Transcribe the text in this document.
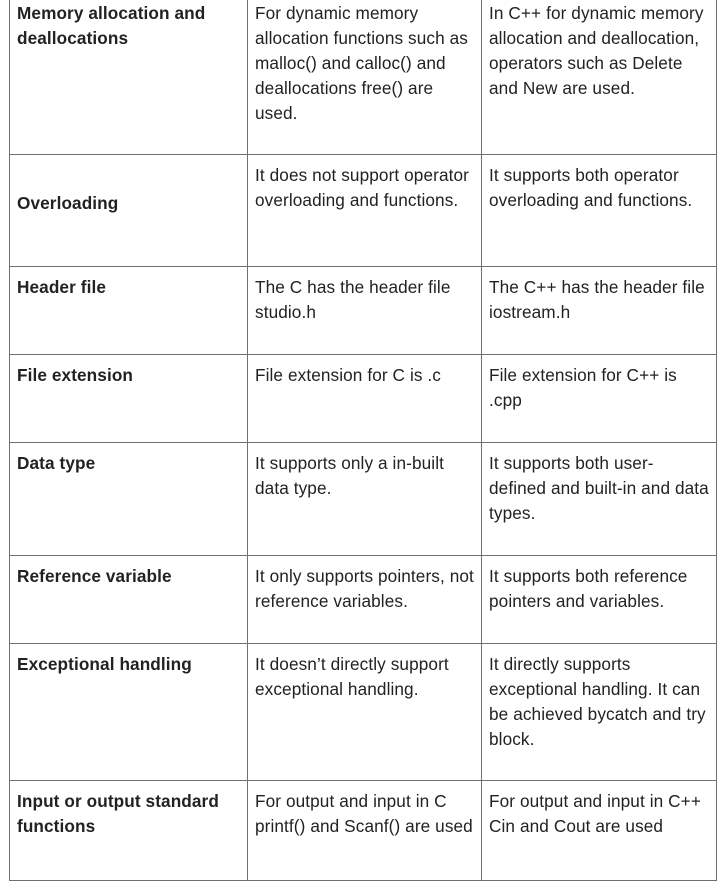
Memory allocation and deallocations	For dynamic memory allocation functions such as malloc() and calloc() and deallocations free() are used.	In C++ for dynamic memory allocation and deallocation, operators such as Delete and New are used.

Overloading	It does not support operator overloading and functions.	It supports both operator overloading and functions.
Header file	The C has the header file studio.h	The C++ has the header file iostream.h
File extension	File extension for C is .c	File extension for C++ is .cpp
Data type	It supports only a in-built data type.	It supports both user-defined and built-in and data types.
Reference variable	It only supports pointers, not reference variables.	It supports both reference pointers and variables.
Exceptional handling	It doesn’t directly support exceptional handling.	It directly supports exceptional handling. It can be achieved bycatch and try block.
Input or output standard functions	For output and input in C printf() and Scanf() are used	For output and input in C++ Cin and Cout are used
